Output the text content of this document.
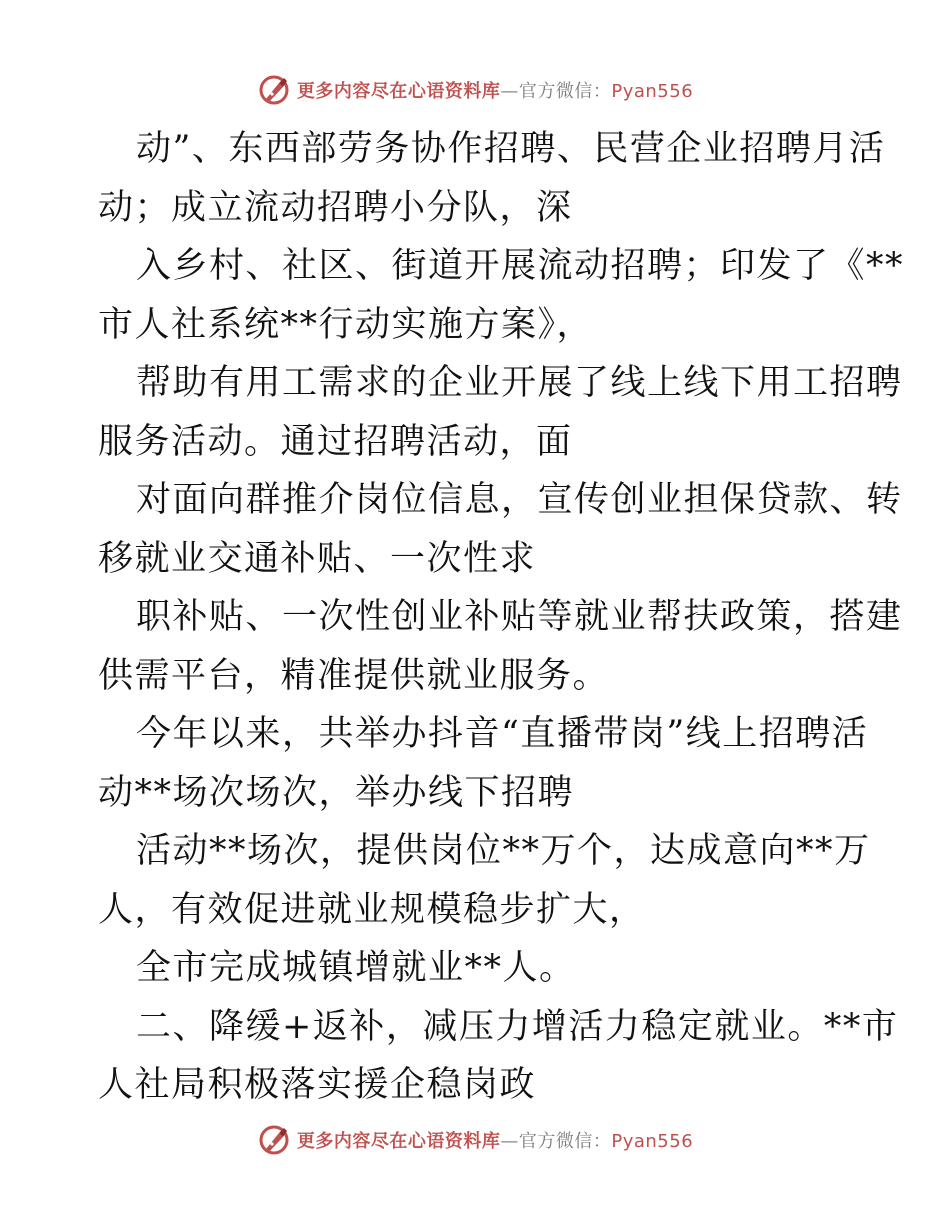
更多内容尽在心语资料库—官方微信：Pyan556
动”、东西部劳务协作招聘、民营企业招聘月活
动；成立流动招聘小分队，深
入乡村、社区、街道开展流动招聘；印发了《**
市人社系统**行动实施方案》，
帮助有用工需求的企业开展了线上线下用工招聘
服务活动。通过招聘活动，面
对面向群推介岗位信息，宣传创业担保贷款、转
移就业交通补贴、一次性求
职补贴、一次性创业补贴等就业帮扶政策，搭建
供需平台，精准提供就业服务。
今年以来，共举办抖音“直播带岗”线上招聘活
动**场次场次，举办线下招聘
活动**场次，提供岗位**万个，达成意向**万
人，有效促进就业规模稳步扩大，
全市完成城镇增就业**人。
二、降缓+返补，减压力增活力稳定就业。**市
人社局积极落实援企稳岗政
更多内容尽在心语资料库—官方微信：Pyan556
